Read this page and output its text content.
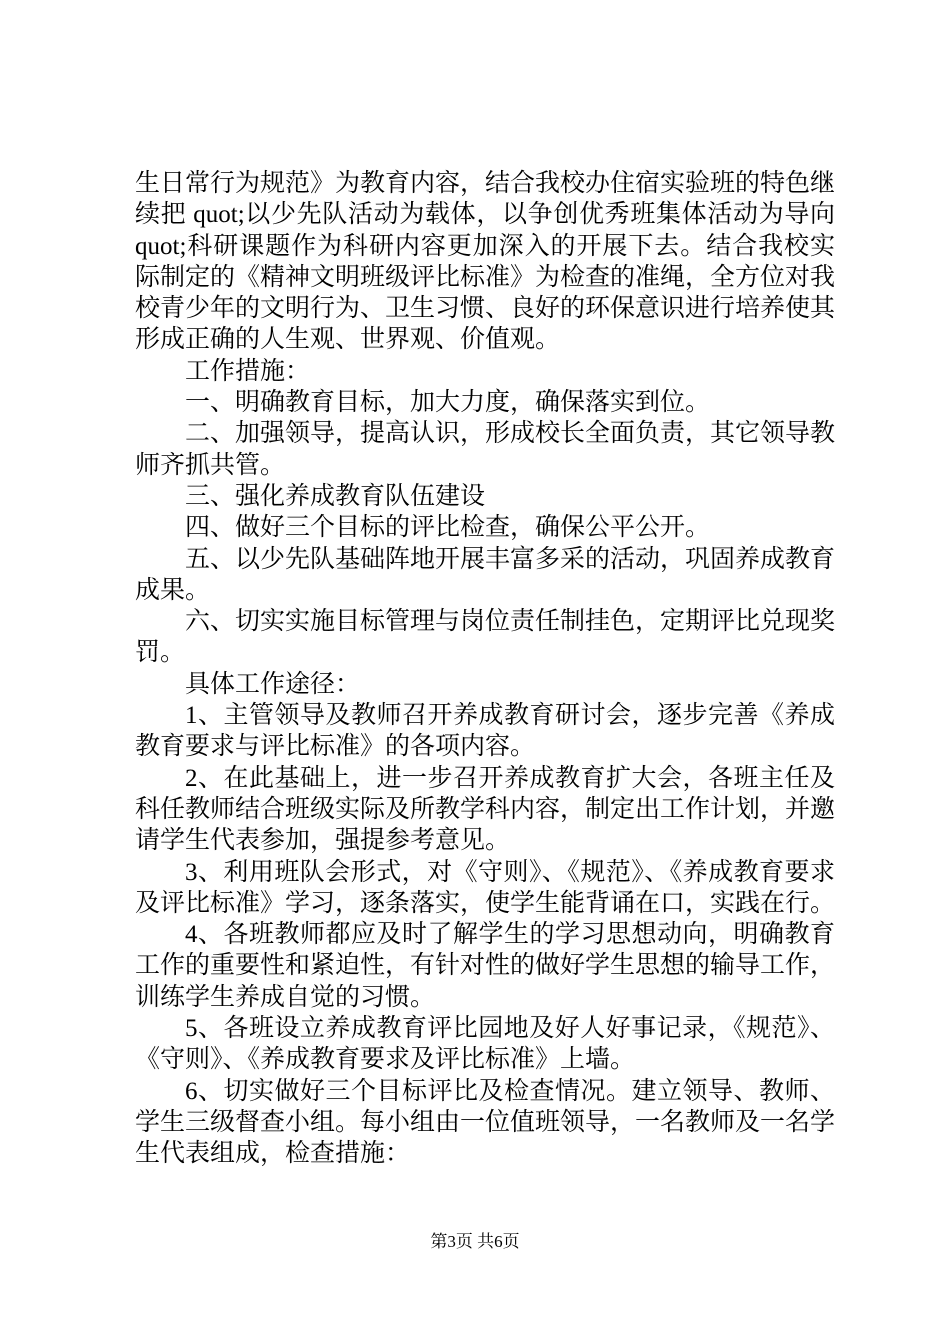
生日常行为规范》为教育内容，结合我校办住宿实验班的特色继续把 quot;以少先队活动为载体，以争创优秀班集体活动为导向 quot;科研课题作为科研内容更加深入的开展下去。结合我校实际制定的《精神文明班级评比标准》为检查的准绳，全方位对我校青少年的文明行为、卫生习惯、良好的环保意识进行培养使其形成正确的人生观、世界观、价值观。

工作措施：

一、明确教育目标，加大力度，确保落实到位。

二、加强领导，提高认识，形成校长全面负责，其它领导教师齐抓共管。

三、强化养成教育队伍建设

四、做好三个目标的评比检查，确保公平公开。

五、以少先队基础阵地开展丰富多采的活动，巩固养成教育成果。

六、切实实施目标管理与岗位责任制挂色，定期评比兑现奖罚。

具体工作途径：

1、主管领导及教师召开养成教育研讨会，逐步完善《养成教育要求与评比标准》的各项内容。

2、在此基础上，进一步召开养成教育扩大会，各班主任及科任教师结合班级实际及所教学科内容，制定出工作计划，并邀请学生代表参加，强提参考意见。

3、利用班队会形式，对《守则》、《规范》、《养成教育要求及评比标准》学习，逐条落实，使学生能背诵在口，实践在行。

4、各班教师都应及时了解学生的学习思想动向，明确教育工作的重要性和紧迫性，有针对性的做好学生思想的输导工作，训练学生养成自觉的习惯。

5、各班设立养成教育评比园地及好人好事记录，《规范》、《守则》、《养成教育要求及评比标准》上墙。

6、切实做好三个目标评比及检查情况。建立领导、教师、学生三级督查小组。每小组由一位值班领导，一名教师及一名学生代表组成，检查措施：

第3页 共6页
